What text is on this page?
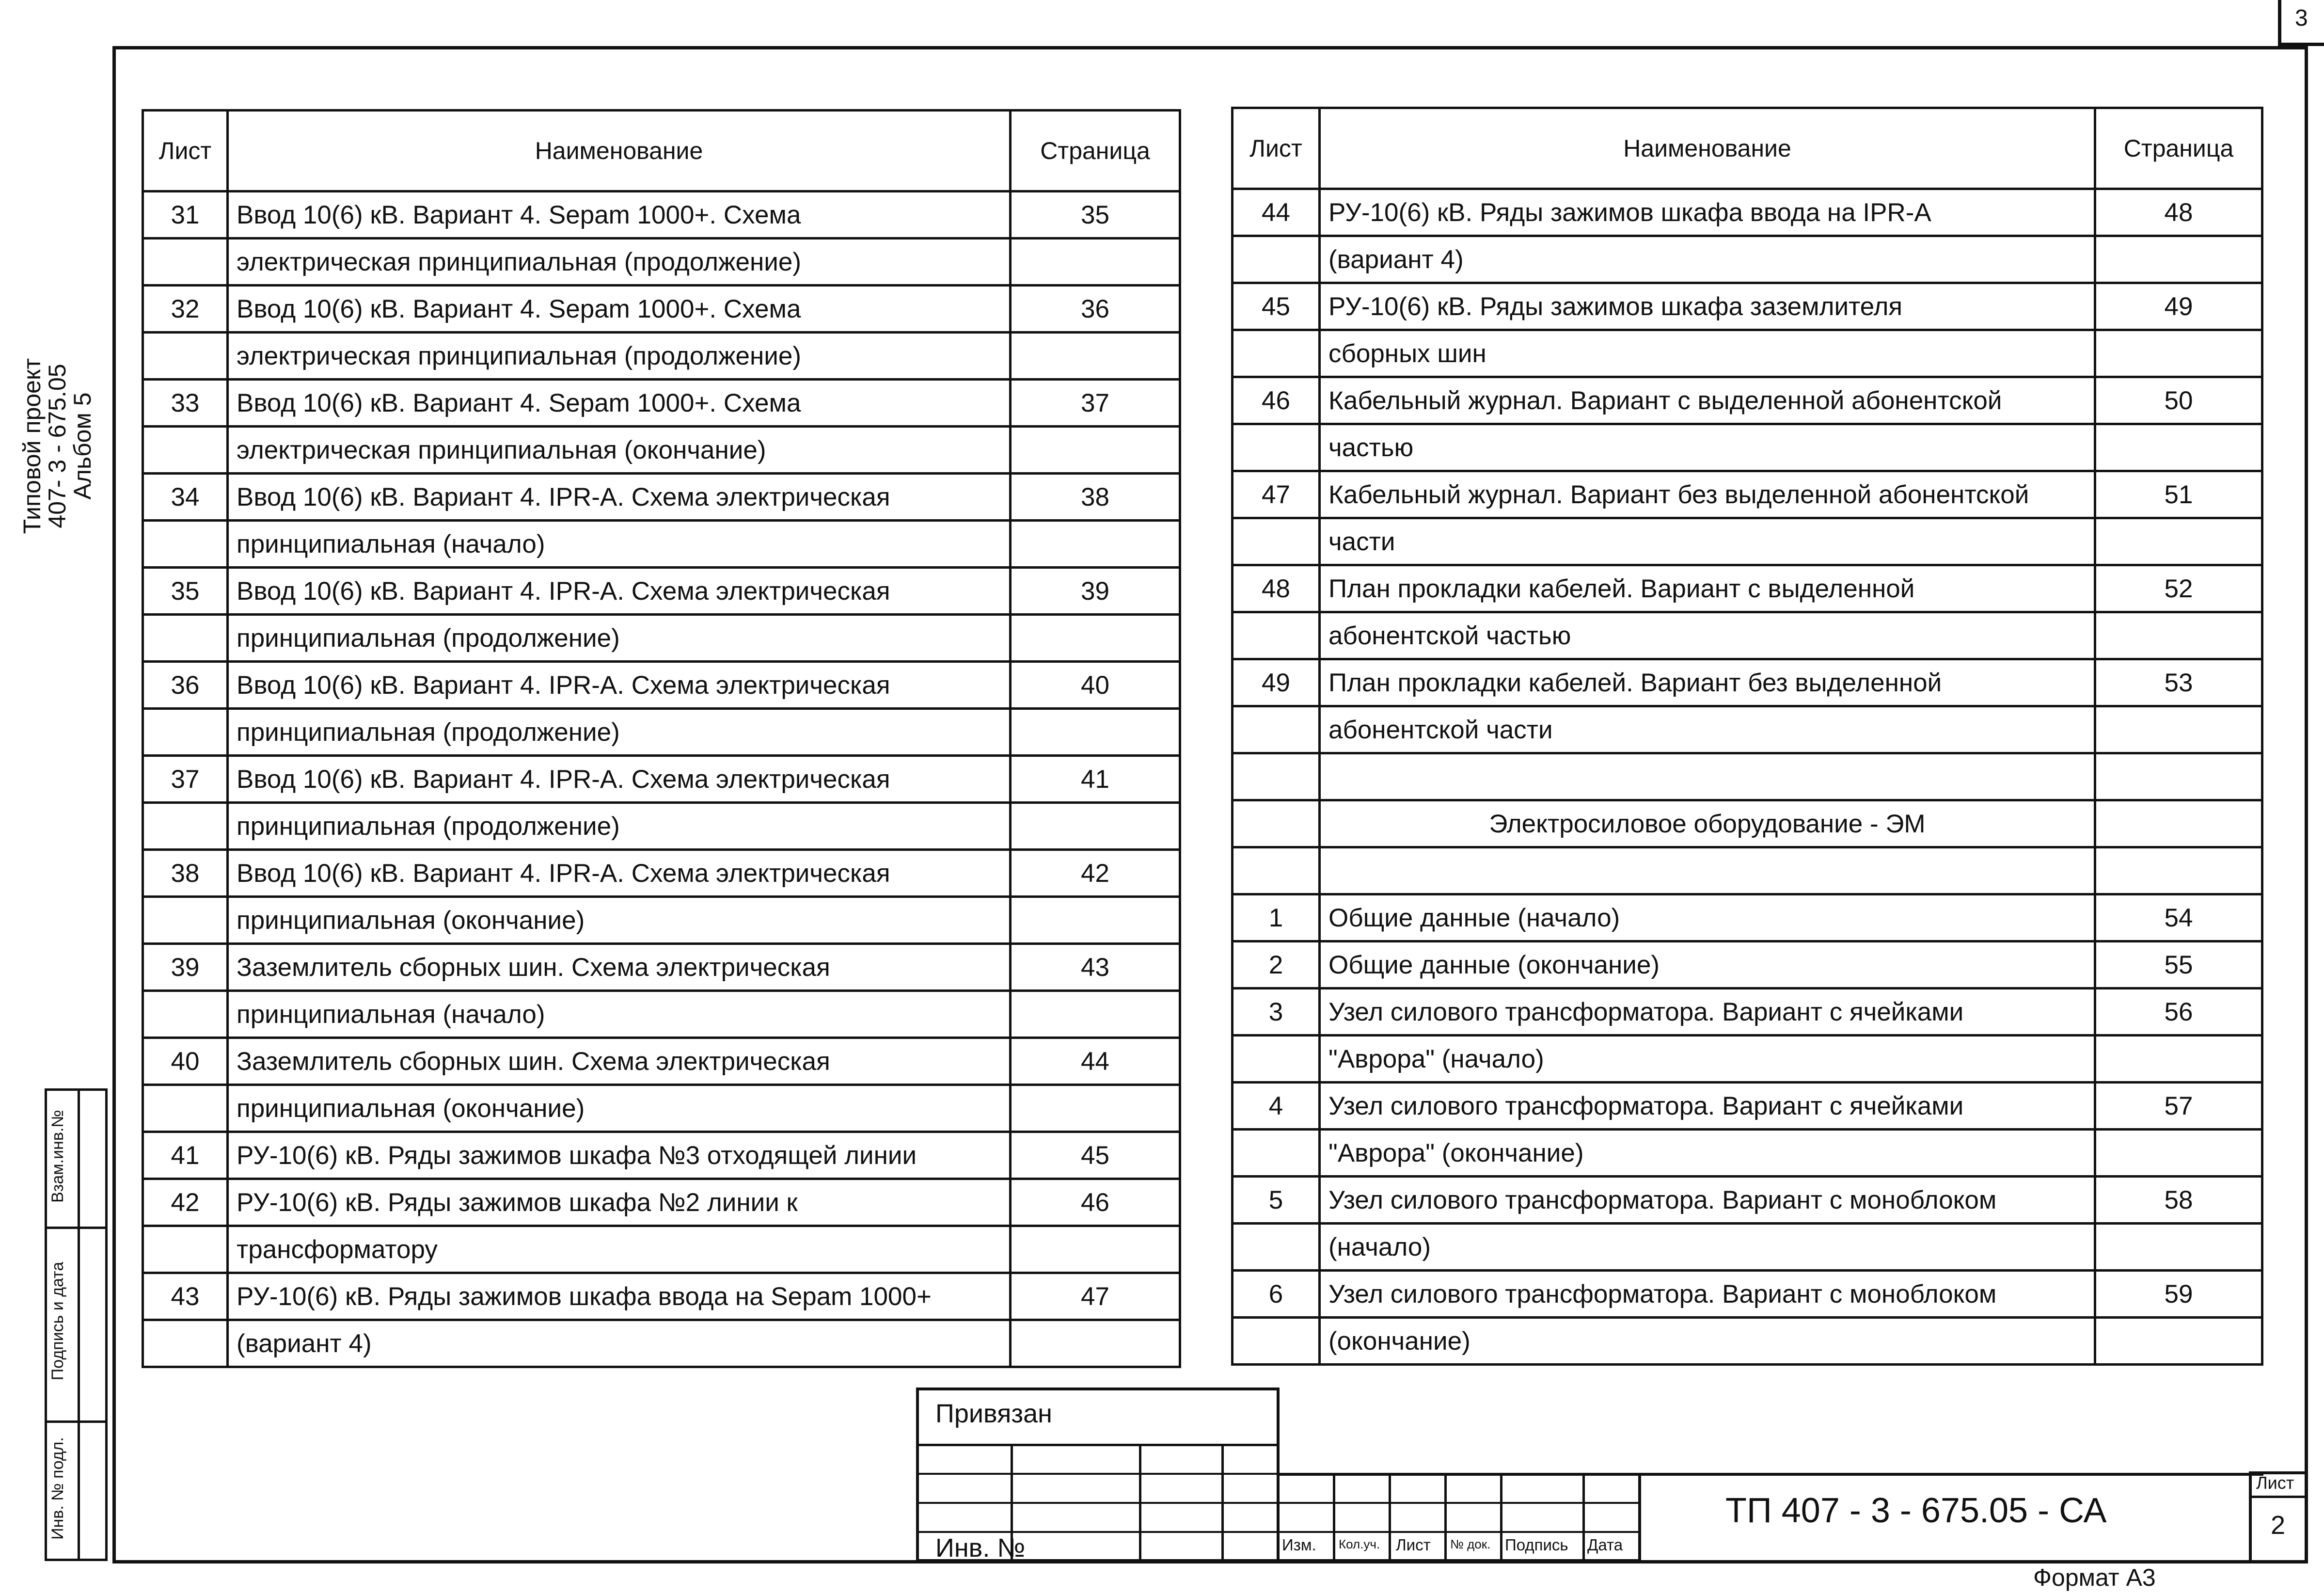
3
Типовой проект
407- 3 - 675.05
Альбом 5
Взам.инв.№
Подпись и дата
Инв. № подл.
Лист	Наименование	Страница
31	Ввод 10(6) кВ. Вариант 4. Sepam 1000+. Схема	35
	электрическая принципиальная (продолжение)	
32	Ввод 10(6) кВ. Вариант 4. Sepam 1000+. Схема	36
	электрическая принципиальная (продолжение)	
33	Ввод 10(6) кВ. Вариант 4. Sepam 1000+. Схема	37
	электрическая принципиальная (окончание)	
34	Ввод 10(6) кВ. Вариант 4. IPR-A. Схема электрическая	38
	принципиальная (начало)	
35	Ввод 10(6) кВ. Вариант 4. IPR-A. Схема электрическая	39
	принципиальная (продолжение)	
36	Ввод 10(6) кВ. Вариант 4. IPR-A. Схема электрическая	40
	принципиальная (продолжение)	
37	Ввод 10(6) кВ. Вариант 4. IPR-A. Схема электрическая	41
	принципиальная (продолжение)	
38	Ввод 10(6) кВ. Вариант 4. IPR-A. Схема электрическая	42
	принципиальная (окончание)	
39	Заземлитель сборных шин. Схема электрическая	43
	принципиальная (начало)	
40	Заземлитель сборных шин. Схема электрическая	44
	принципиальная (окончание)	
41	РУ-10(6) кВ. Ряды зажимов шкафа №3 отходящей линии	45
42	РУ-10(6) кВ. Ряды зажимов шкафа №2 линии к	46
	трансформатору	
43	РУ-10(6) кВ. Ряды зажимов шкафа ввода на Sepam 1000+	47
	(вариант 4)	
Лист	Наименование	Страница
44	РУ-10(6) кВ. Ряды зажимов шкафа ввода на IPR-A	48
	(вариант 4)	
45	РУ-10(6) кВ. Ряды зажимов шкафа заземлителя	49
	сборных шин	
46	Кабельный журнал. Вариант с выделенной абонентской	50
	частью	
47	Кабельный журнал. Вариант без выделенной абонентской	51
	части	
48	План прокладки кабелей. Вариант с выделенной	52
	абонентской частью	
49	План прокладки кабелей. Вариант без выделенной	53
	абонентской части	

	Электросиловое оборудование - ЭМ	

1	Общие данные (начало)	54
2	Общие данные (окончание)	55
3	Узел силового трансформатора. Вариант с ячейками	56
	"Аврора" (начало)	
4	Узел силового трансформатора. Вариант с ячейками	57
	"Аврора" (окончание)	
5	Узел силового трансформатора. Вариант с моноблоком	58
	(начало)	
6	Узел силового трансформатора. Вариант с моноблоком	59
	(окончание)	
Привязан
Инв. №	Изм. Кол.уч. Лист № док. Подпись Дата
ТП 407 - 3 - 675.05 - СА
Лист
2
Формат А3
